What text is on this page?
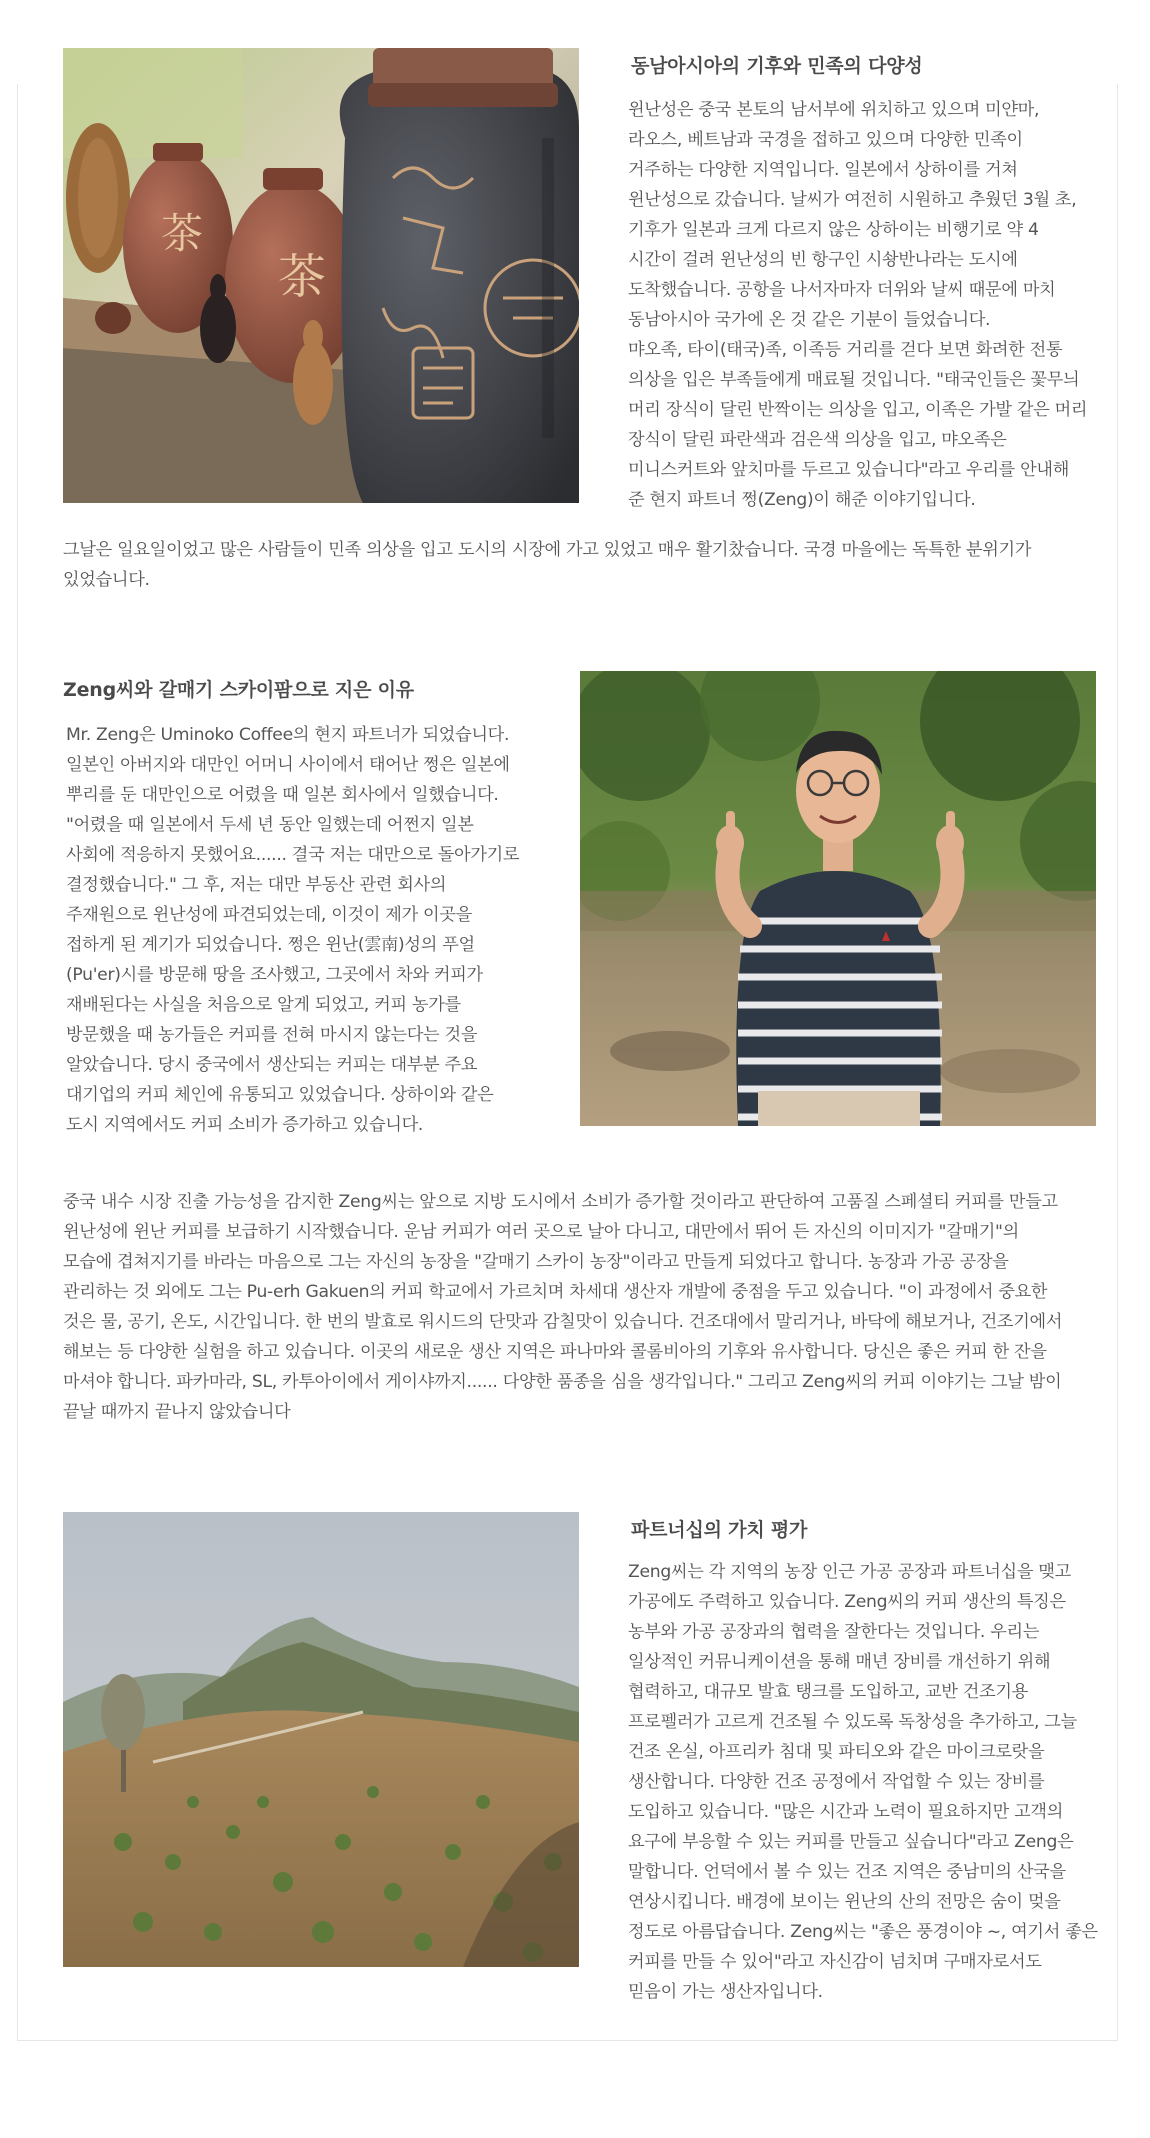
茶
茶
동남아시아의 기후와 민족의 다양성
윈난성은 중국 본토의 남서부에 위치하고 있으며 미얀마,
라오스, 베트남과 국경을 접하고 있으며 다양한 민족이
거주하는 다양한 지역입니다. 일본에서 상하이를 거쳐
윈난성으로 갔습니다. 날씨가 여전히 시원하고 추웠던 3월 초,
기후가 일본과 크게 다르지 않은 상하이는 비행기로 약 4
시간이 걸려 윈난성의 빈 항구인 시솽반나라는 도시에
도착했습니다. 공항을 나서자마자 더위와 날씨 때문에 마치
동남아시아 국가에 온 것 같은 기분이 들었습니다.
먀오족, 타이(태국)족, 이족등 거리를 걷다 보면 화려한 전통
의상을 입은 부족들에게 매료될 것입니다. "태국인들은 꽃무늬
머리 장식이 달린 반짝이는 의상을 입고, 이족은 가발 같은 머리
장식이 달린 파란색과 검은색 의상을 입고, 먀오족은
미니스커트와 앞치마를 두르고 있습니다"라고 우리를 안내해
준 현지 파트너 쩡(Zeng)이 해준 이야기입니다.
그날은 일요일이었고 많은 사람들이 민족 의상을 입고 도시의 시장에 가고 있었고 매우 활기찼습니다. 국경 마을에는 독특한 분위기가
있었습니다.
Zeng씨와 갈매기 스카이팜으로 지은 이유
Mr. Zeng은 Uminoko Coffee의 현지 파트너가 되었습니다.
일본인 아버지와 대만인 어머니 사이에서 태어난 쩡은 일본에
뿌리를 둔 대만인으로 어렸을 때 일본 회사에서 일했습니다.
"어렸을 때 일본에서 두세 년 동안 일했는데 어쩐지 일본
사회에 적응하지 못했어요...... 결국 저는 대만으로 돌아가기로
결정했습니다." 그 후, 저는 대만 부동산 관련 회사의
주재원으로 윈난성에 파견되었는데, 이것이 제가 이곳을
접하게 된 계기가 되었습니다. 쩡은 윈난(雲南)성의 푸얼
(Pu'er)시를 방문해 땅을 조사했고, 그곳에서 차와 커피가
재배된다는 사실을 처음으로 알게 되었고, 커피 농가를
방문했을 때 농가들은 커피를 전혀 마시지 않는다는 것을
알았습니다. 당시 중국에서 생산되는 커피는 대부분 주요
대기업의 커피 체인에 유통되고 있었습니다. 상하이와 같은
도시 지역에서도 커피 소비가 증가하고 있습니다.
중국 내수 시장 진출 가능성을 감지한 Zeng씨는 앞으로 지방 도시에서 소비가 증가할 것이라고 판단하여 고품질 스페셜티 커피를 만들고
윈난성에 윈난 커피를 보급하기 시작했습니다. 운남 커피가 여러 곳으로 날아 다니고, 대만에서 뛰어 든 자신의 이미지가 "갈매기"의
모습에 겹쳐지기를 바라는 마음으로 그는 자신의 농장을 "갈매기 스카이 농장"이라고 만들게 되었다고 합니다. 농장과 가공 공장을
관리하는 것 외에도 그는 Pu-erh Gakuen의 커피 학교에서 가르치며 차세대 생산자 개발에 중점을 두고 있습니다. "이 과정에서 중요한
것은 물, 공기, 온도, 시간입니다. 한 번의 발효로 워시드의 단맛과 감칠맛이 있습니다. 건조대에서 말리거나, 바닥에 해보거나, 건조기에서
해보는 등 다양한 실험을 하고 있습니다. 이곳의 새로운 생산 지역은 파나마와 콜롬비아의 기후와 유사합니다. 당신은 좋은 커피 한 잔을
마셔야 합니다. 파카마라, SL, 카투아이에서 게이샤까지...... 다양한 품종을 심을 생각입니다." 그리고 Zeng씨의 커피 이야기는 그날 밤이
끝날 때까지 끝나지 않았습니다
파트너십의 가치 평가
Zeng씨는 각 지역의 농장 인근 가공 공장과 파트너십을 맺고
가공에도 주력하고 있습니다. Zeng씨의 커피 생산의 특징은
농부와 가공 공장과의 협력을 잘한다는 것입니다. 우리는
일상적인 커뮤니케이션을 통해 매년 장비를 개선하기 위해
협력하고, 대규모 발효 탱크를 도입하고, 교반 건조기용
프로펠러가 고르게 건조될 수 있도록 독창성을 추가하고, 그늘
건조 온실, 아프리카 침대 및 파티오와 같은 마이크로랏을
생산합니다. 다양한 건조 공정에서 작업할 수 있는 장비를
도입하고 있습니다. "많은 시간과 노력이 필요하지만 고객의
요구에 부응할 수 있는 커피를 만들고 싶습니다"라고 Zeng은
말합니다. 언덕에서 볼 수 있는 건조 지역은 중남미의 산국을
연상시킵니다. 배경에 보이는 윈난의 산의 전망은 숨이 멎을
정도로 아름답습니다. Zeng씨는 "좋은 풍경이야 ~, 여기서 좋은
커피를 만들 수 있어"라고 자신감이 넘치며 구매자로서도
믿음이 가는 생산자입니다.
